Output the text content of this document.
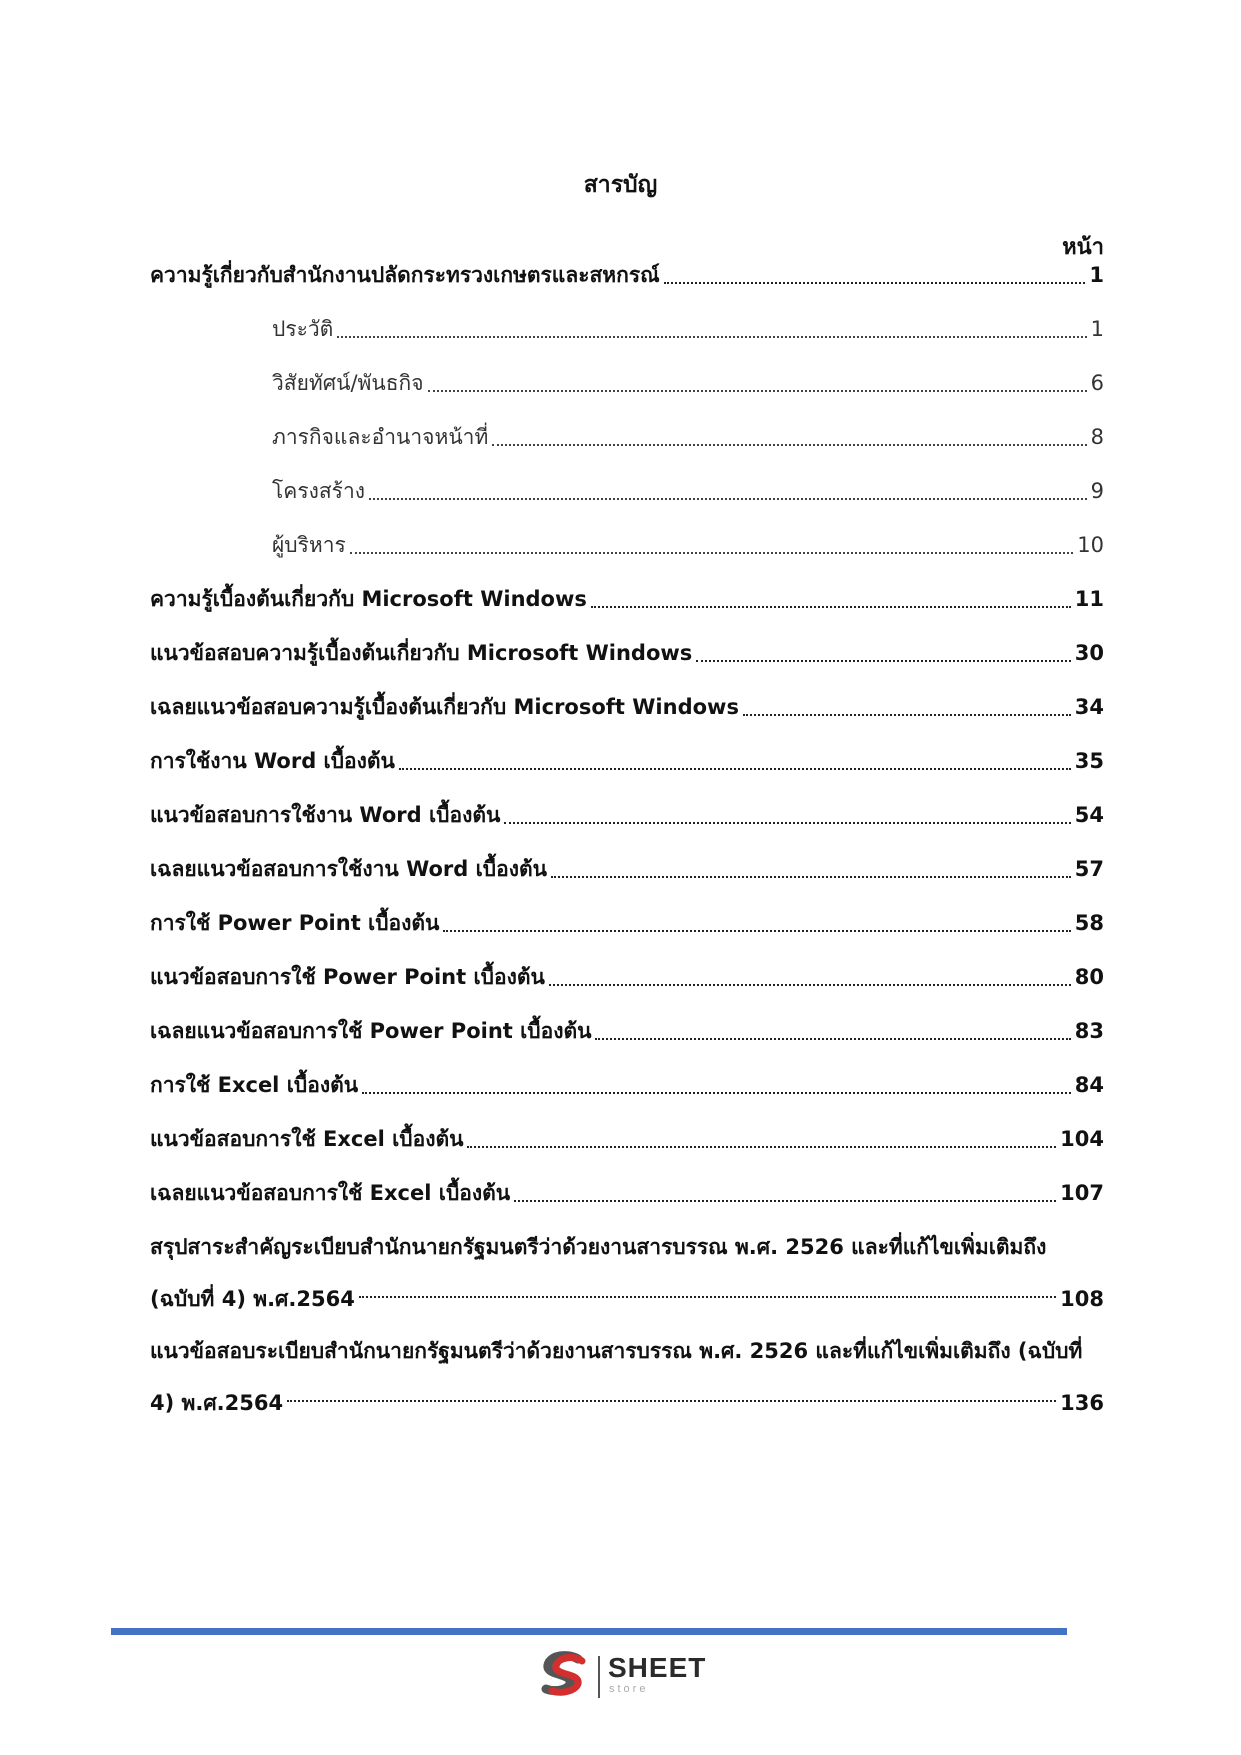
สารบัญ
หน้า
ความรู้เกี่ยวกับสำนักงานปลัดกระทรวงเกษตรและสหกรณ์	1
ประวัติ	1
วิสัยทัศน์/พันธกิจ	6
ภารกิจและอำนาจหน้าที่	8
โครงสร้าง	9
ผู้บริหาร	10
ความรู้เบื้องต้นเกี่ยวกับ Microsoft Windows	11
แนวข้อสอบความรู้เบื้องต้นเกี่ยวกับ Microsoft Windows	30
เฉลยแนวข้อสอบความรู้เบื้องต้นเกี่ยวกับ Microsoft Windows	34
การใช้งาน Word เบื้องต้น	35
แนวข้อสอบการใช้งาน Word เบื้องต้น	54
เฉลยแนวข้อสอบการใช้งาน Word เบื้องต้น	57
การใช้ Power Point เบื้องต้น	58
แนวข้อสอบการใช้ Power Point เบื้องต้น	80
เฉลยแนวข้อสอบการใช้ Power Point เบื้องต้น	83
การใช้ Excel เบื้องต้น	84
แนวข้อสอบการใช้ Excel เบื้องต้น	104
เฉลยแนวข้อสอบการใช้ Excel เบื้องต้น	107
สรุปสาระสำคัญระเบียบสำนักนายกรัฐมนตรีว่าด้วยงานสารบรรณ พ.ศ. 2526 และที่แก้ไขเพิ่มเติมถึง
(ฉบับที่ 4) พ.ศ.2564	108
แนวข้อสอบระเบียบสำนักนายกรัฐมนตรีว่าด้วยงานสารบรรณ พ.ศ. 2526 และที่แก้ไขเพิ่มเติมถึง (ฉบับที่
4) พ.ศ.2564	136
SHEET
store
